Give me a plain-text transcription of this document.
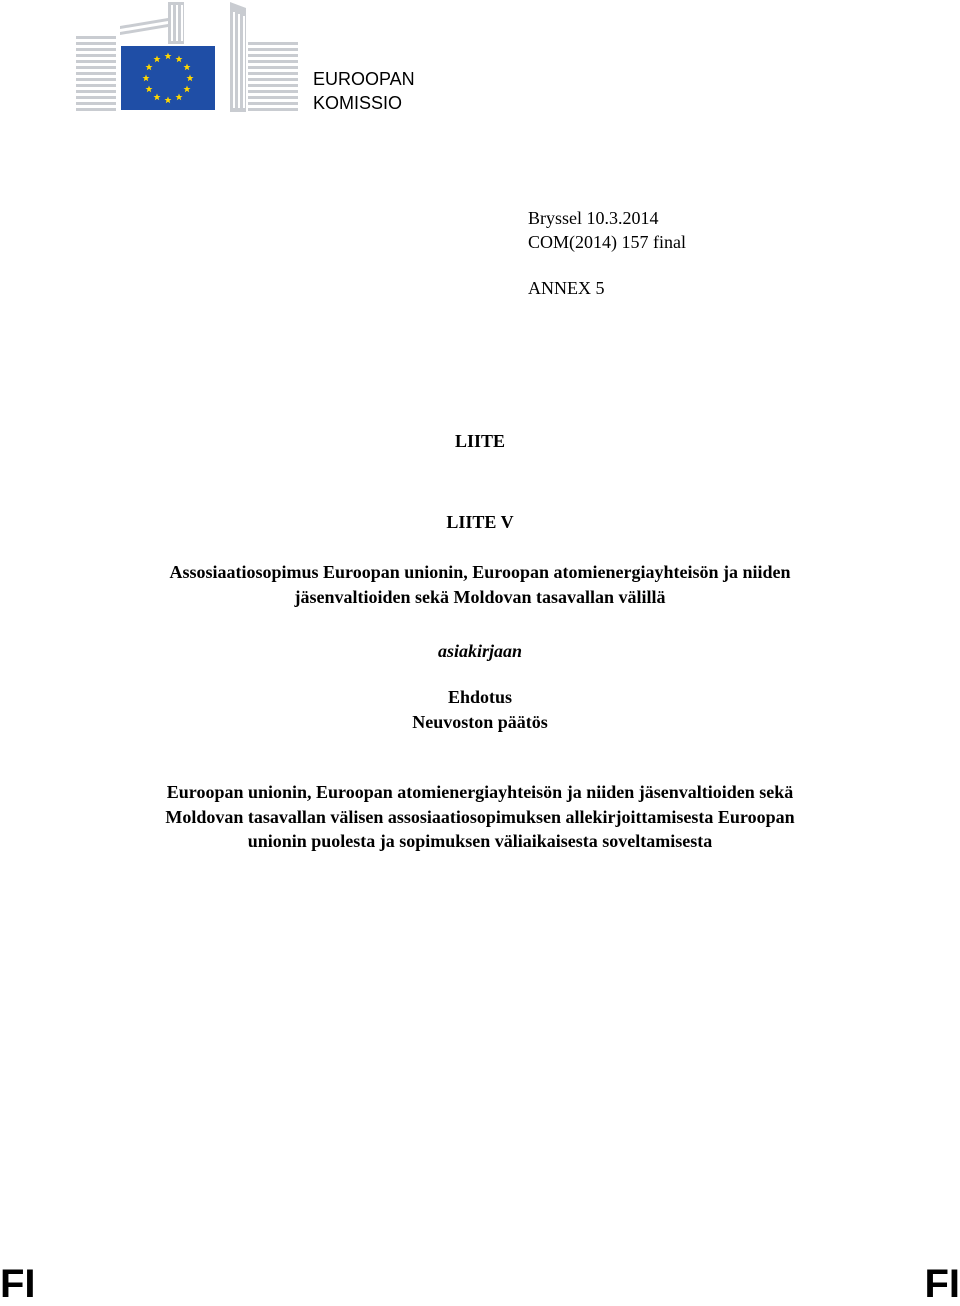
EUROOPAN
KOMISSIO
Bryssel 10.3.2014
COM(2014) 157 final
ANNEX 5
LIITE
LIITE V
Assosiaatiosopimus Euroopan unionin, Euroopan atomienergiayhteisön ja niiden
jäsenvaltioiden sekä Moldovan tasavallan välillä
asiakirjaan
Ehdotus
Neuvoston päätös
Euroopan unionin, Euroopan atomienergiayhteisön ja niiden jäsenvaltioiden sekä
Moldovan tasavallan välisen assosiaatiosopimuksen allekirjoittamisesta Euroopan
unionin puolesta ja sopimuksen väliaikaisesta soveltamisesta
FI	FI
